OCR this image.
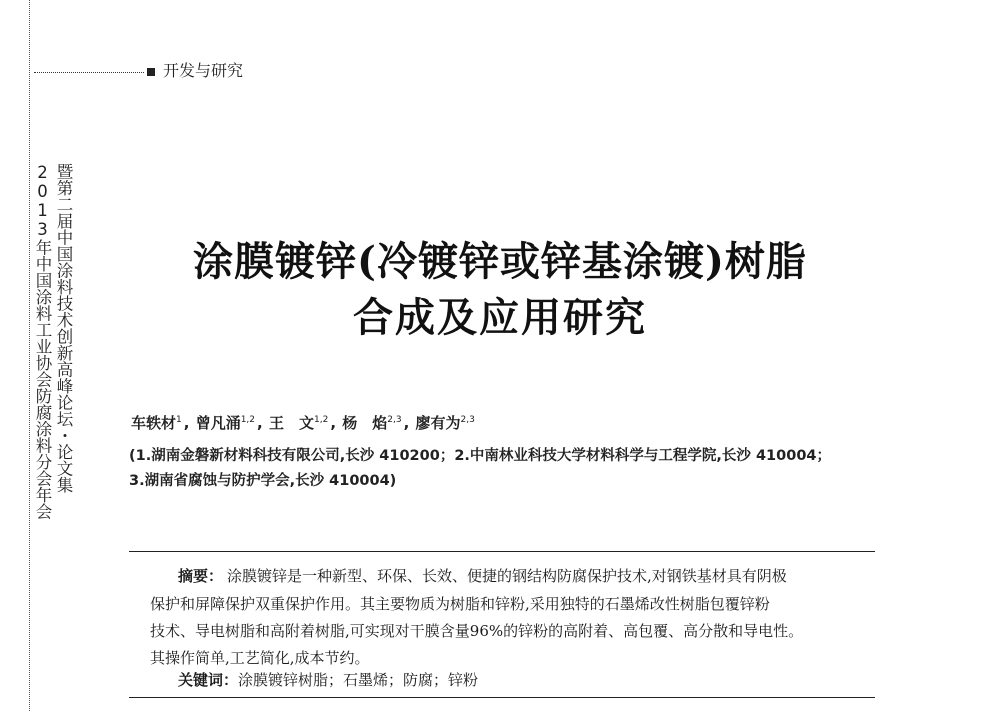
开发与研究
暨第二届中国涂料技术创新高峰论坛・论文集
2013年中国涂料工业协会防腐涂料分会年会	涂膜镀锌(冷镀锌或锌基涂镀)树脂
合成及应用研究
车轶材$^1$ , 曾凡涌$^{1,2}$ , 王　文$^{1,2}$ , 杨　焰$^{2,3}$ , 廖有为$^{2,3}$
(1.湖南金磐新材料科技有限公司,长沙 410200；2.中南林业科技大学材料科学与工程学院,长沙 410004；
3.湖南省腐蚀与防护学会,长沙 410004)
摘要： 涂膜镀锌是一种新型、环保、长效、便捷的钢结构防腐保护技术,对钢铁基材具有阴极
保护和屏障保护双重保护作用。其主要物质为树脂和锌粉,采用独特的石墨烯改性树脂包覆锌粉
技术、导电树脂和高附着树脂,可实现对干膜含量96%的锌粉的高附着、高包覆、高分散和导电性。
其操作简单,工艺简化,成本节约。
关键词：涂膜镀锌树脂；石墨烯；防腐；锌粉
